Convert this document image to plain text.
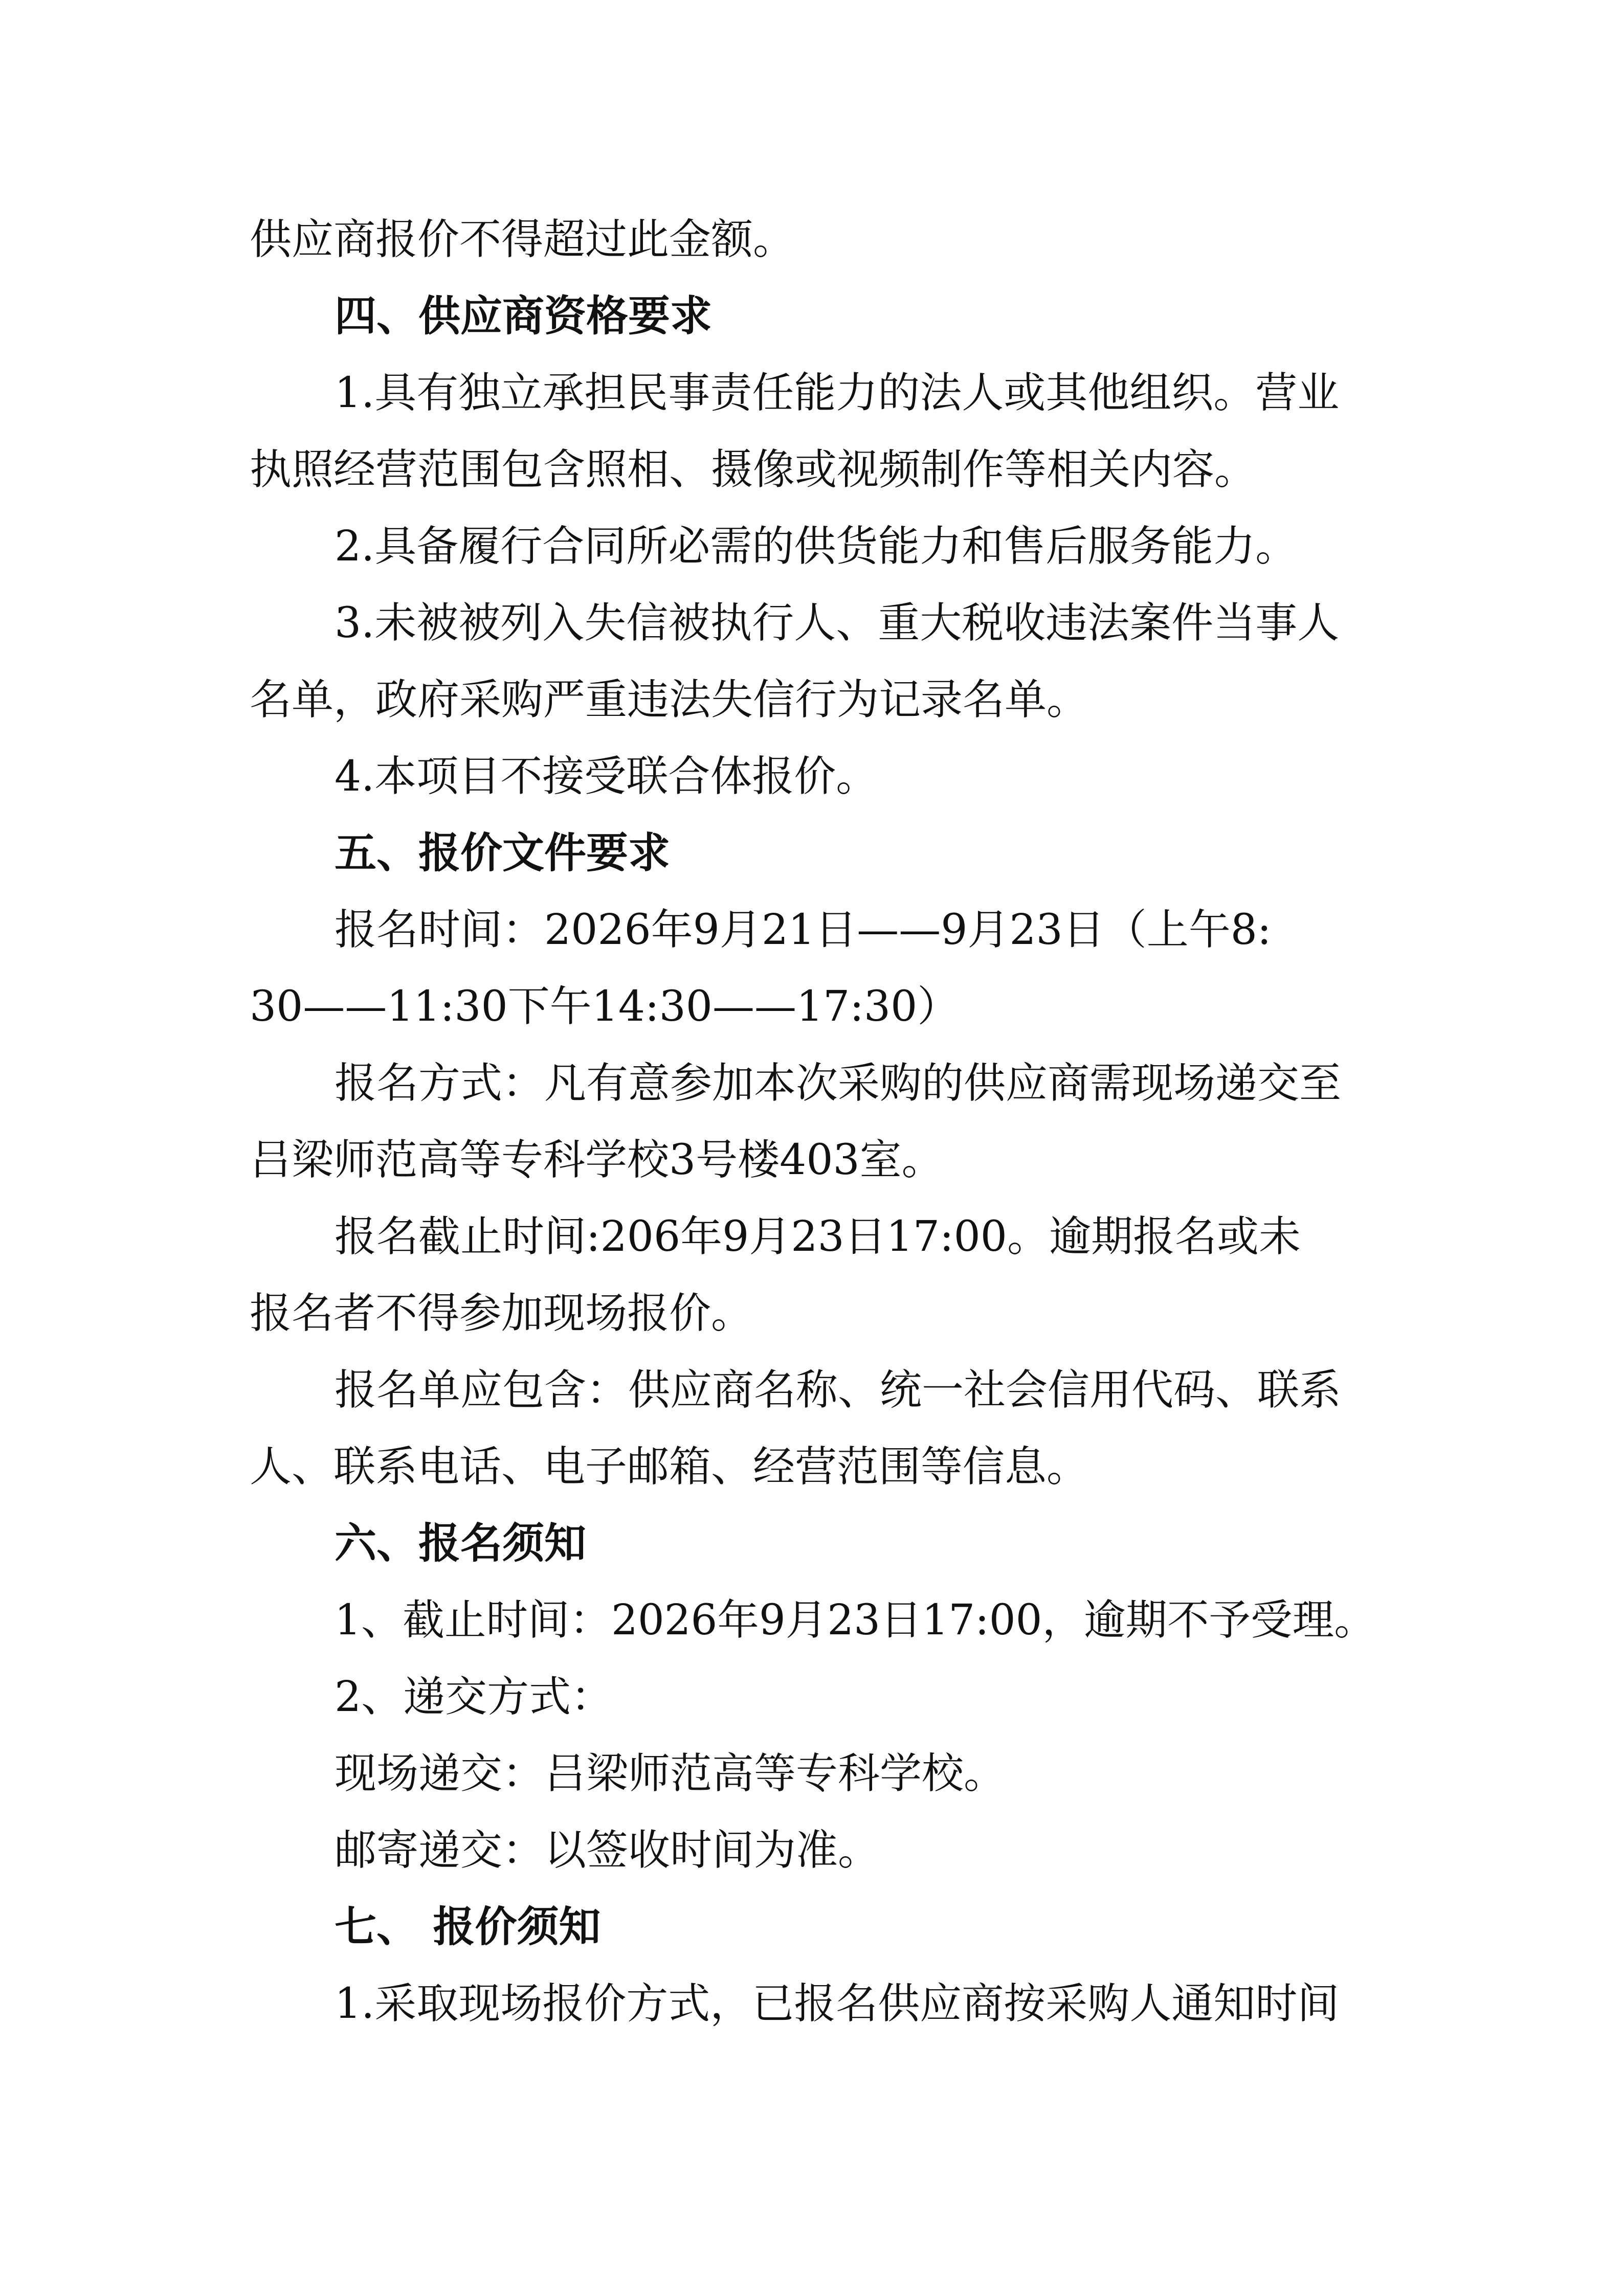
供应商报价不得超过此金额。
四、供应商资格要求
1.具有独立承担民事责任能力的法人或其他组织。营业
执照经营范围包含照相、摄像或视频制作等相关内容。
2.具备履行合同所必需的供货能力和售后服务能力。
3.未被被列入失信被执行人、重大税收违法案件当事人
名单，政府采购严重违法失信行为记录名单。
4.本项目不接受联合体报价。
五、报价文件要求
报名时间：2026年9月21日——9月23日（上午8:
30——11:30下午14:30——17:30）
报名方式：凡有意参加本次采购的供应商需现场递交至
吕梁师范高等专科学校3号楼403室。
报名截止时间:206年9月23日17:00。逾期报名或未
报名者不得参加现场报价。
报名单应包含：供应商名称、统一社会信用代码、联系
人、联系电话、电子邮箱、经营范围等信息。
六、报名须知
1、截止时间：2026年9月23日17:00，逾期不予受理。
2、递交方式：
现场递交：吕梁师范高等专科学校。
邮寄递交：以签收时间为准。
七、 报价须知
1.采取现场报价方式，已报名供应商按采购人通知时间
